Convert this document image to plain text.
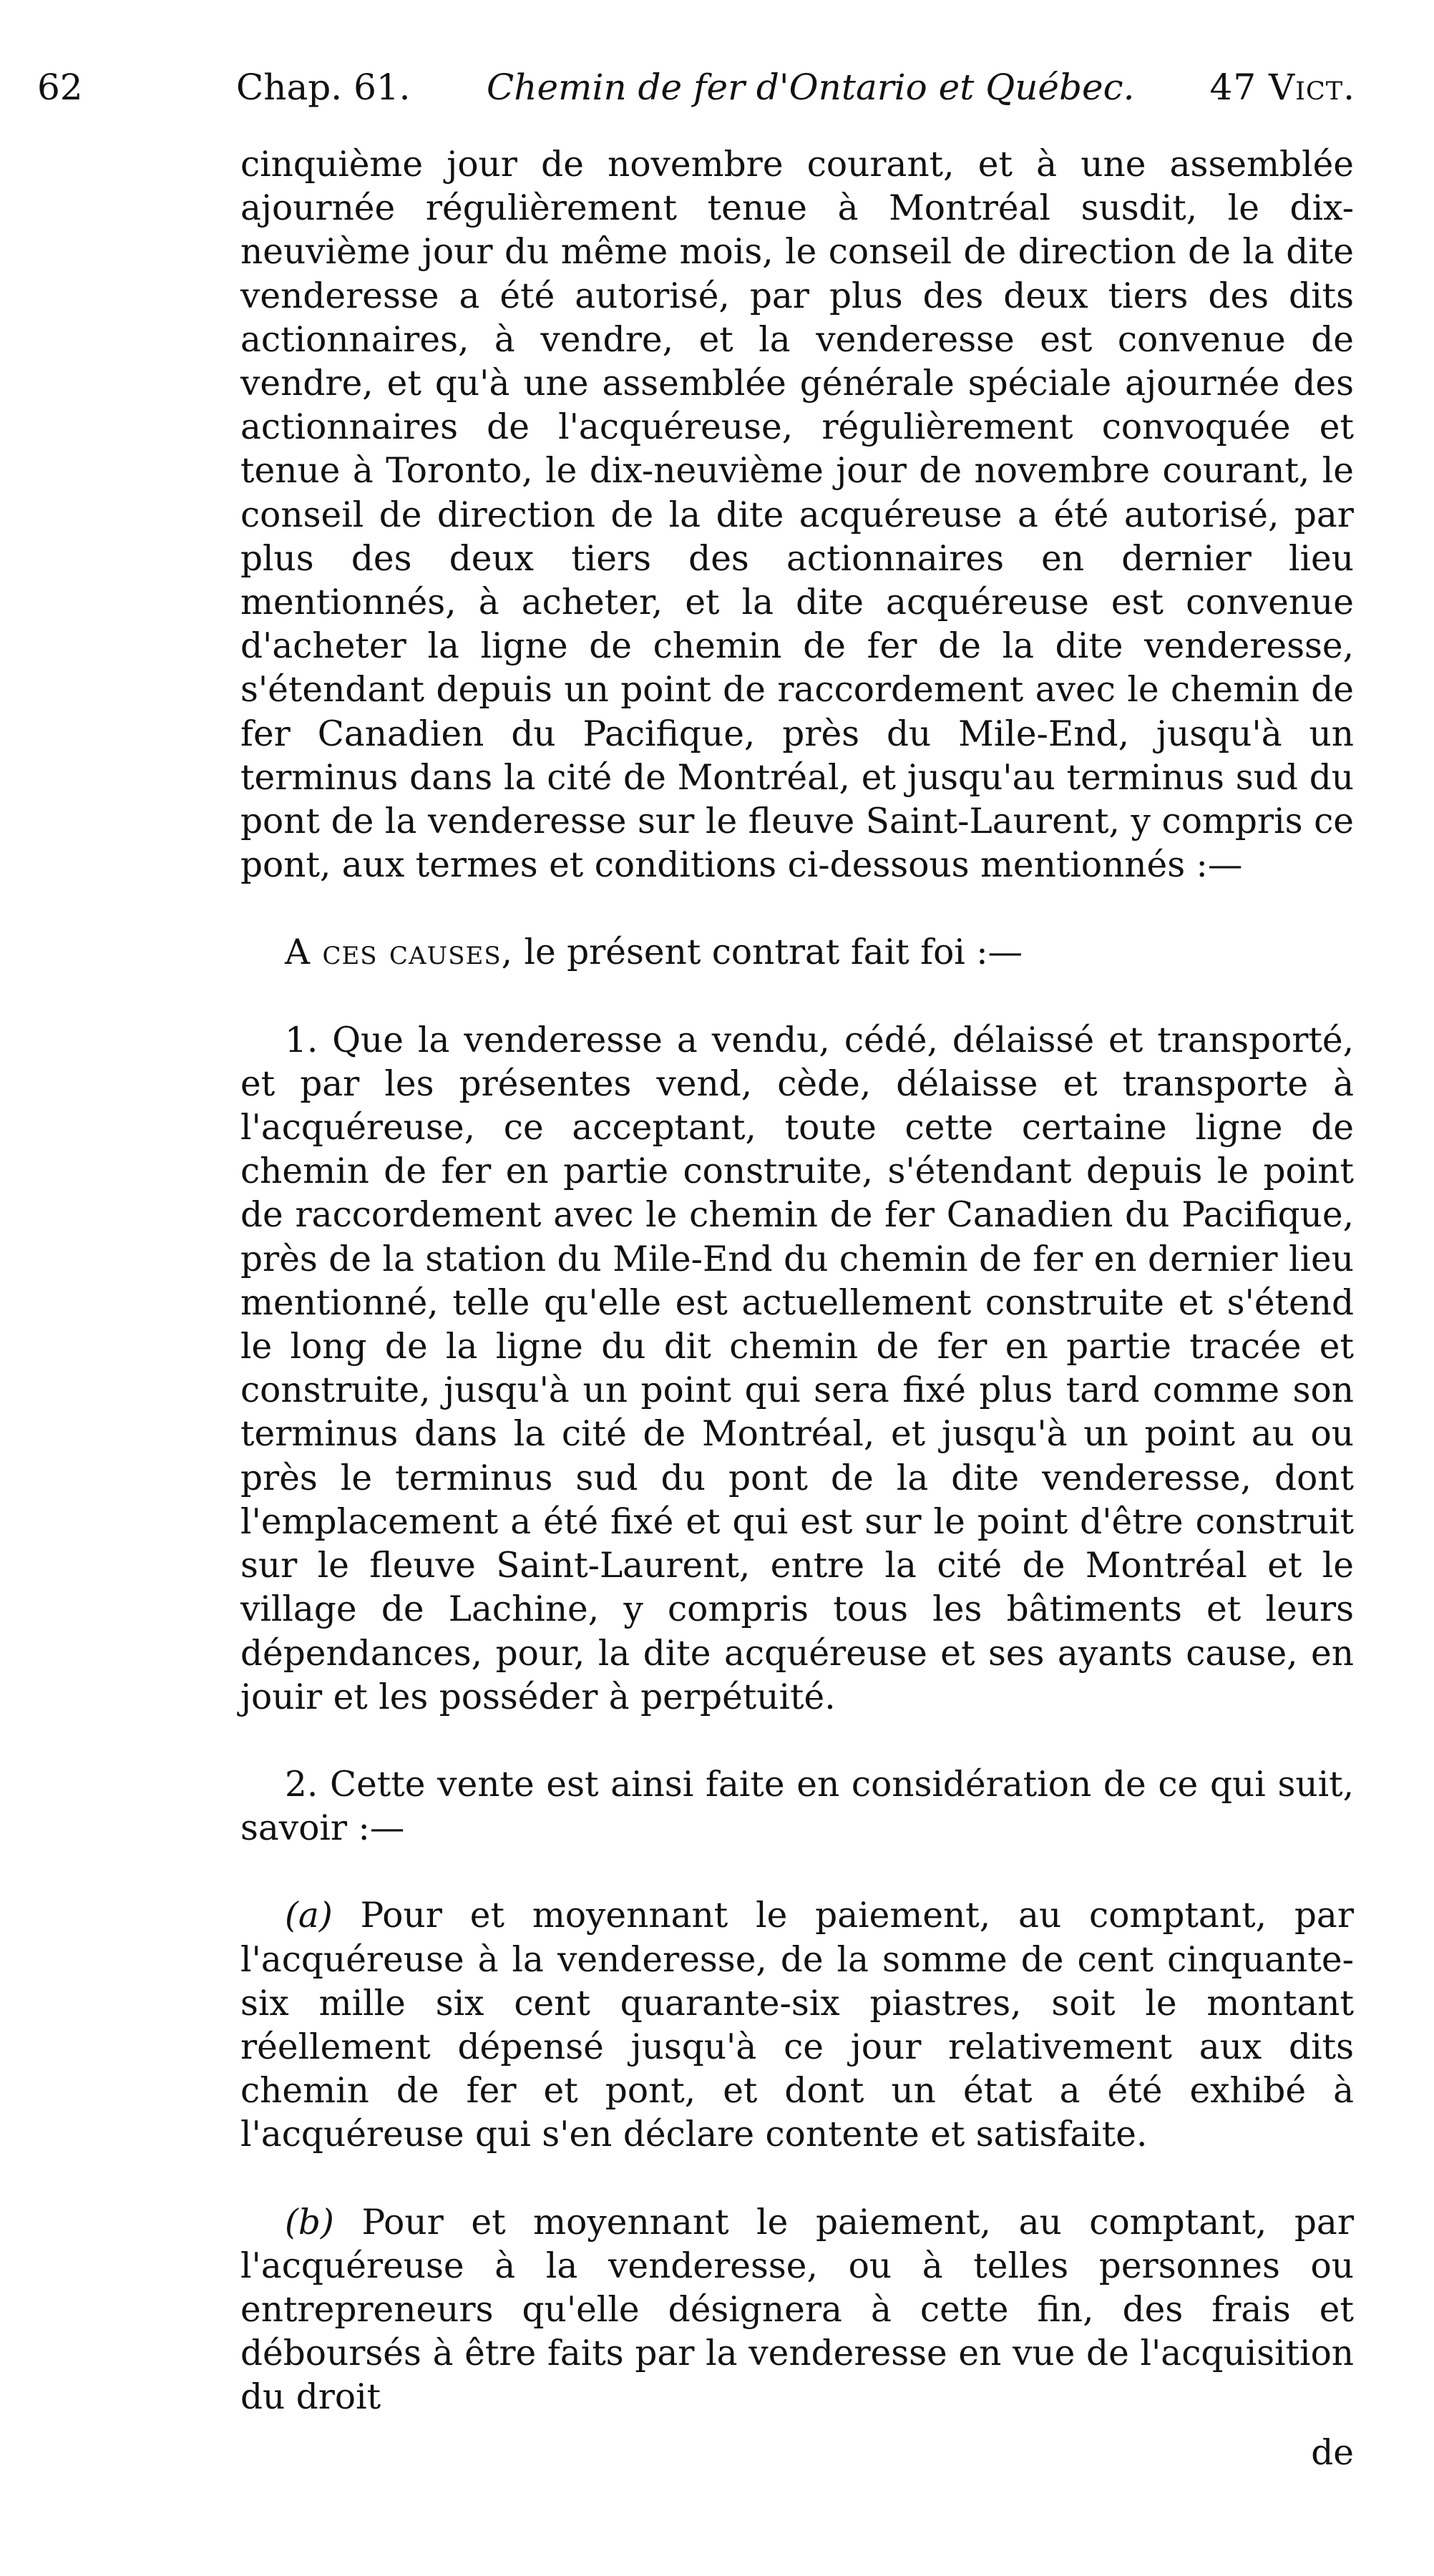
62	Chap. 61. Chemin de fer d'Ontario et Québec. 47 Vict.

cinquième jour de novembre courant, et à une assemblée ajournée régulièrement tenue à Montréal susdit, le dix-neuvième jour du même mois, le conseil de direction de la dite venderesse a été autorisé, par plus des deux tiers des dits actionnaires, à vendre, et la venderesse est convenue de vendre, et qu'à une assemblée générale spéciale ajournée des actionnaires de l'acquéreuse, régulièrement convoquée et tenue à Toronto, le dix-neuvième jour de novembre courant, le conseil de direction de la dite acquéreuse a été autorisé, par plus des deux tiers des actionnaires en dernier lieu mentionnés, à acheter, et la dite acquéreuse est convenue d'acheter la ligne de chemin de fer de la dite venderesse, s'étendant depuis un point de raccordement avec le chemin de fer Canadien du Pacifique, près du Mile-End, jusqu'à un terminus dans la cité de Montréal, et jusqu'au terminus sud du pont de la venderesse sur le fleuve Saint-Laurent, y compris ce pont, aux termes et conditions ci-dessous mentionnés :—

A ces causes, le présent contrat fait foi :—

1. Que la venderesse a vendu, cédé, délaissé et transporté, et par les présentes vend, cède, délaisse et transporte à l'acquéreuse, ce acceptant, toute cette certaine ligne de chemin de fer en partie construite, s'étendant depuis le point de raccordement avec le chemin de fer Canadien du Pacifique, près de la station du Mile-End du chemin de fer en dernier lieu mentionné, telle qu'elle est actuellement construite et s'étend le long de la ligne du dit chemin de fer en partie tracée et construite, jusqu'à un point qui sera fixé plus tard comme son terminus dans la cité de Montréal, et jusqu'à un point au ou près le terminus sud du pont de la dite venderesse, dont l'emplacement a été fixé et qui est sur le point d'être construit sur le fleuve Saint-Laurent, entre la cité de Montréal et le village de Lachine, y compris tous les bâtiments et leurs dépendances, pour, la dite acquéreuse et ses ayants cause, en jouir et les posséder à perpétuité.

2. Cette vente est ainsi faite en considération de ce qui suit, savoir :—

(a) Pour et moyennant le paiement, au comptant, par l'acquéreuse à la venderesse, de la somme de cent cinquante-six mille six cent quarante-six piastres, soit le montant réellement dépensé jusqu'à ce jour relativement aux dits chemin de fer et pont, et dont un état a été exhibé à l'acquéreuse qui s'en déclare contente et satisfaite.

(b) Pour et moyennant le paiement, au comptant, par l'acquéreuse à la venderesse, ou à telles personnes ou entrepreneurs qu'elle désignera à cette fin, des frais et déboursés à être faits par la venderesse en vue de l'acquisition du droit

de
